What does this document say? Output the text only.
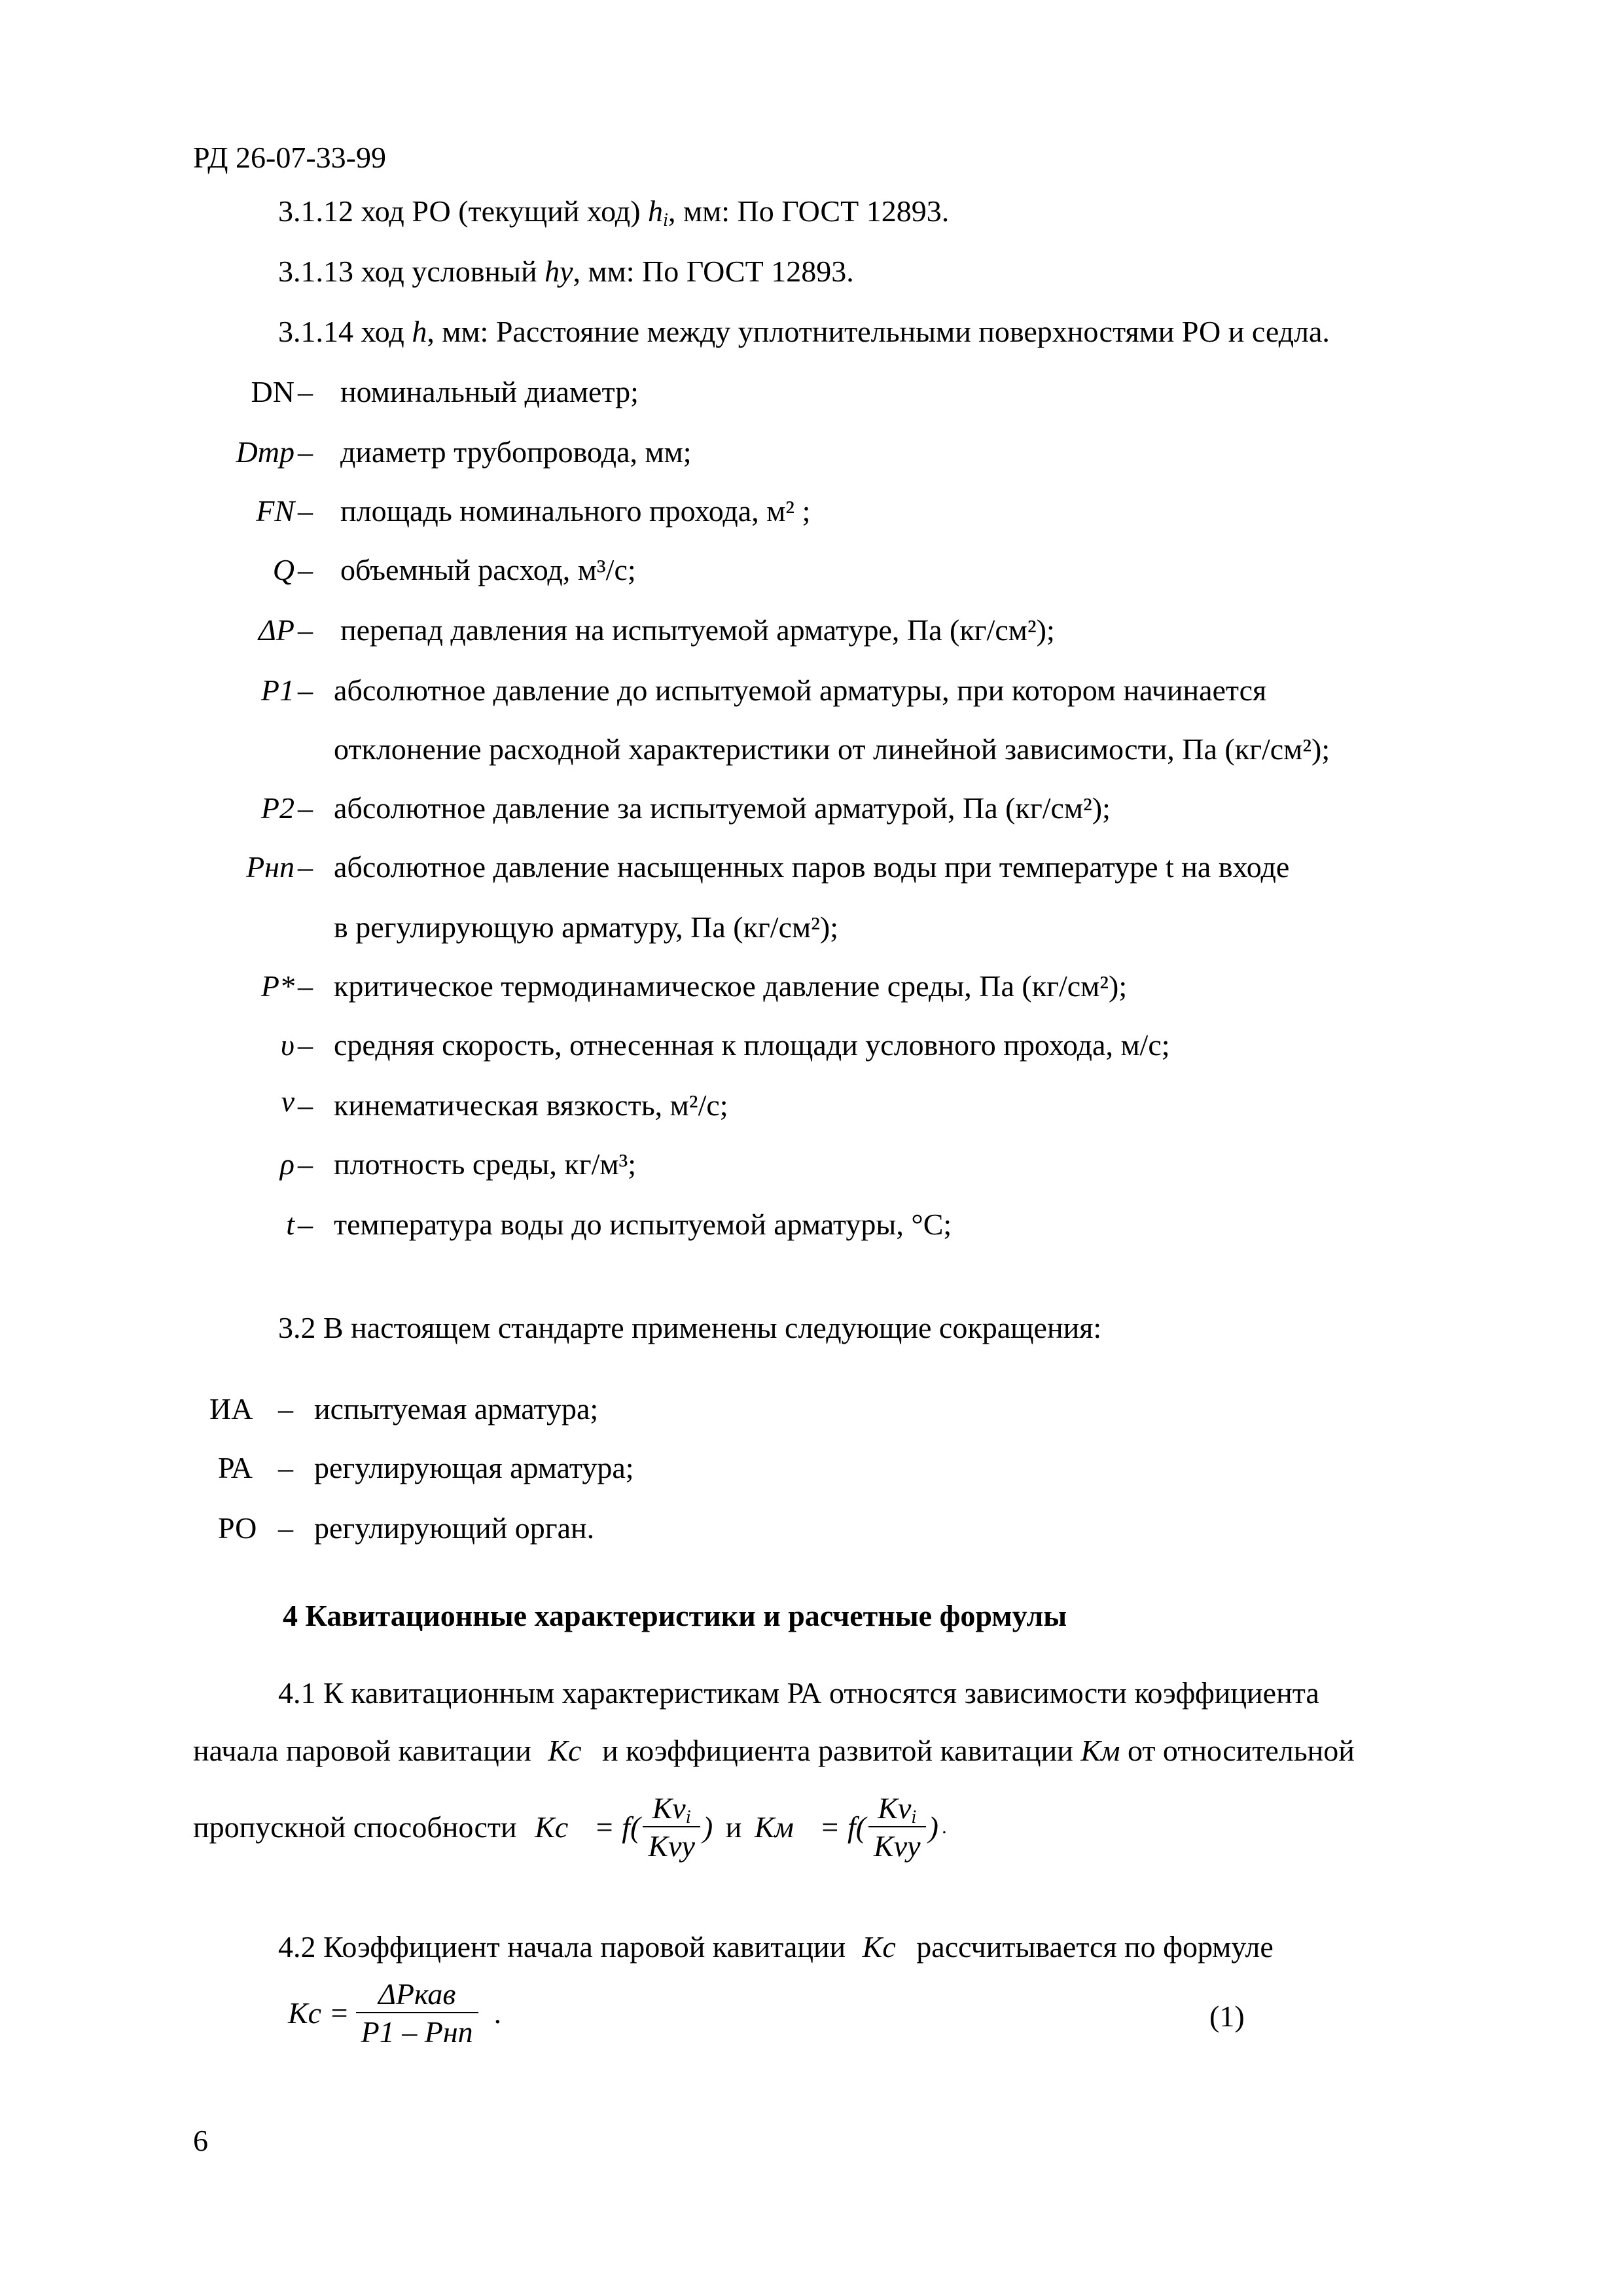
РД 26-07-33-99
3.1.12 ход РО (текущий ход) $h_i$, мм: По ГОСТ 12893.
3.1.13 ход условный hy, мм: По ГОСТ 12893.
3.1.14 ход h, мм: Расстояние между уплотнительными поверхностями РО и седла.
DN – номинальный диаметр;
Dmp – диаметр трубопровода, мм;
FN – площадь номинального прохода, м² ;
Q – объемный расход, м³/с;
ΔP – перепад давления на испытуемой арматуре, Па (кг/см²);
P1 – абсолютное давление до испытуемой арматуры, при котором начинается
отклонение расходной характеристики от линейной зависимости, Па (кг/см²);
P2 – абсолютное давление за испытуемой арматурой, Па (кг/см²);
Pнп – абсолютное давление насыщенных паров воды при температуре t на входе
в регулирующую арматуру, Па (кг/см²);
P* – критическое термодинамическое давление среды, Па (кг/см²);
υ – средняя скорость, отнесенная к площади условного прохода, м/с;
v – кинематическая вязкость, м²/с;
ρ – плотность среды, кг/м³;
t – температура воды до испытуемой арматуры, °С;
3.2 В настоящем стандарте применены следующие сокращения:
ИА – испытуемая арматура;
РА – регулирующая арматура;
РО – регулирующий орган.
4 Кавитационные характеристики и расчетные формулы
4.1 К кавитационным характеристикам РА относятся зависимости коэффициента
начала паровой кавитации Kc и коэффициента развитой кавитации Kм от относительной
пропускной способности $Kc = f( \frac{Kv_i}{\text{Kvy}}$ ) и Kм = $f( \frac{Kv_i}{\text{Kvy}}$ ) .
4.2 Коэффициент начала паровой кавитации Kc рассчитывается по формуле
$Kc = \frac{\text{ΔPкав}}{\text{P1 – Pнп}}$ .	(1)
6
